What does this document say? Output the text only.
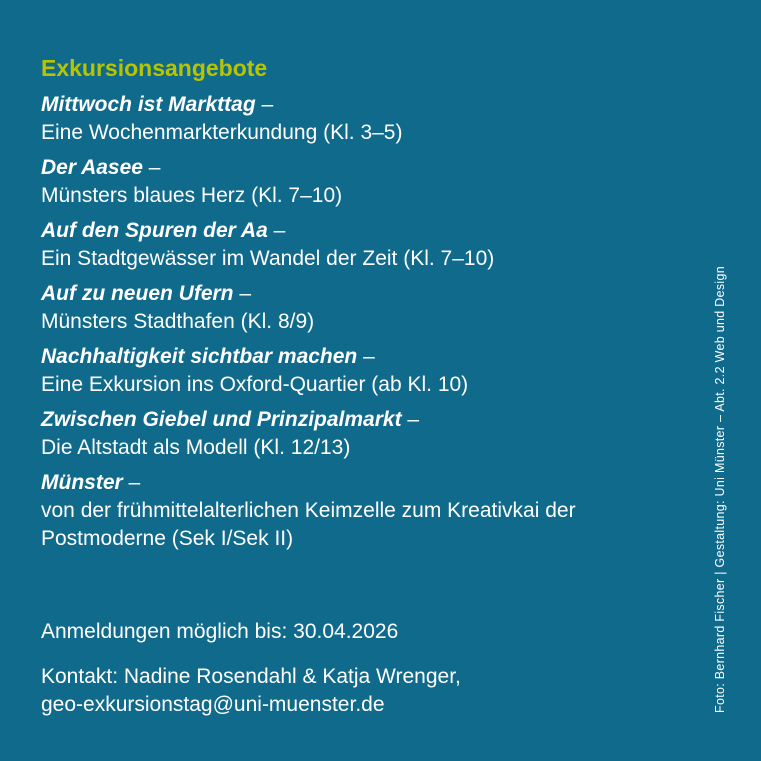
Exkursionsangebote
Mittwoch ist Markttag –
Eine Wochenmarkterkundung (Kl. 3–5)
Der Aasee –
Münsters blaues Herz (Kl. 7–10)
Auf den Spuren der Aa –
Ein Stadtgewässer im Wandel der Zeit (Kl. 7–10)
Auf zu neuen Ufern –
Münsters Stadthafen (Kl. 8/9)
Nachhaltigkeit sichtbar machen –
Eine Exkursion ins Oxford-Quartier (ab Kl. 10)
Zwischen Giebel und Prinzipalmarkt –
Die Altstadt als Modell (Kl. 12/13)
Münster –
von der frühmittelalterlichen Keimzelle zum Kreativkai der Postmoderne (Sek I/Sek II)

Anmeldungen möglich bis: 30.04.2026

Kontakt: Nadine Rosendahl & Katja Wrenger,
geo-exkursionstag@uni-muenster.de	Foto: Bernhard Fischer | Gestaltung: Uni Münster – Abt. 2.2 Web und Design
